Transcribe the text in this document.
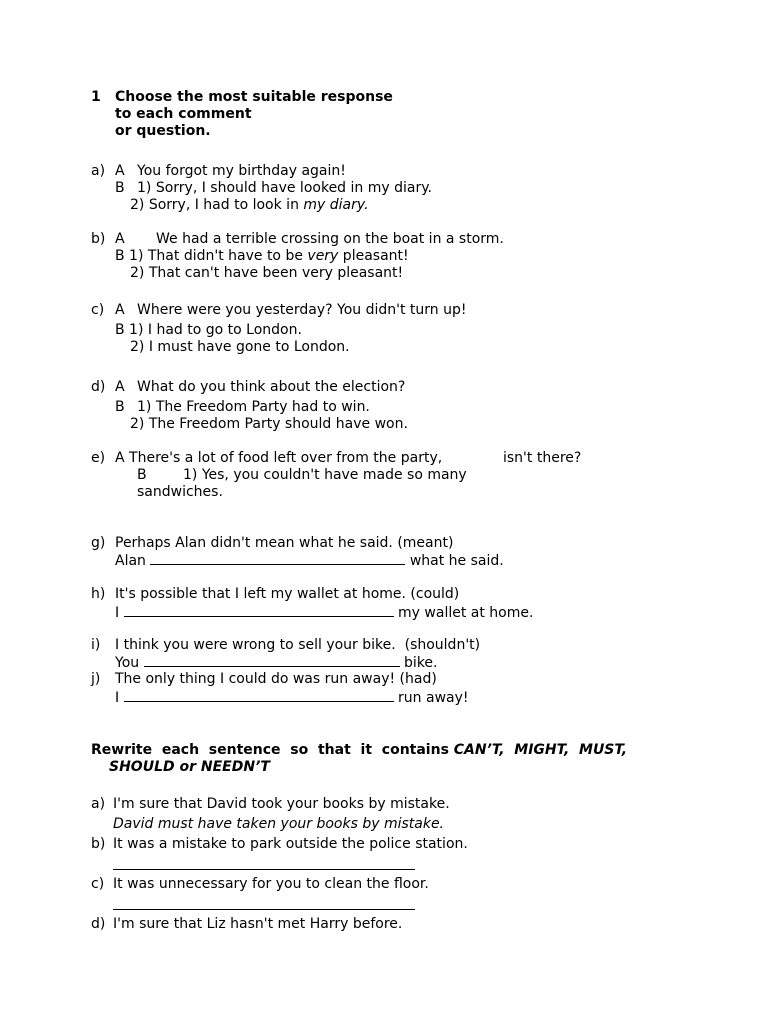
1 Choose the most suitable response
to each comment
or question.
a) A You forgot my birthday again!
B 1) Sorry, I should have looked in my diary.
2) Sorry, I had to look in my diary.
b) A We had a terrible crossing on the boat in a storm.
B 1) That didn't have to be very pleasant!
2) That can't have been very pleasant!
c) A Where were you yesterday? You didn't turn up!
B 1) I had to go to London.
2) I must have gone to London.
d) A What do you think about the election?
B 1) The Freedom Party had to win.
2) The Freedom Party should have won.
e) A There's a lot of food left over from the party,	isn't there?
B	1) Yes, you couldn't have made so many
sandwiches.
g) Perhaps Alan didn't mean what he said. (meant)
Alan	what he said.
h) It's possible that I left my wallet at home. (could)
I	my wallet at home.
i) I think you were wrong to sell your bike.  (shouldn't)
You	bike.
j) The only thing I could do was run away! (had)
I	run away!
Rewrite  each  sentence  so  that  it  contains CAN’T,  MIGHT,  MUST,
SHOULD or NEEDN’T
a) I'm sure that David took your books by mistake.
David must have taken your books by mistake.
b) It was a mistake to park outside the police station.
c) It was unnecessary for you to clean the floor.
d) I'm sure that Liz hasn't met Harry before.
